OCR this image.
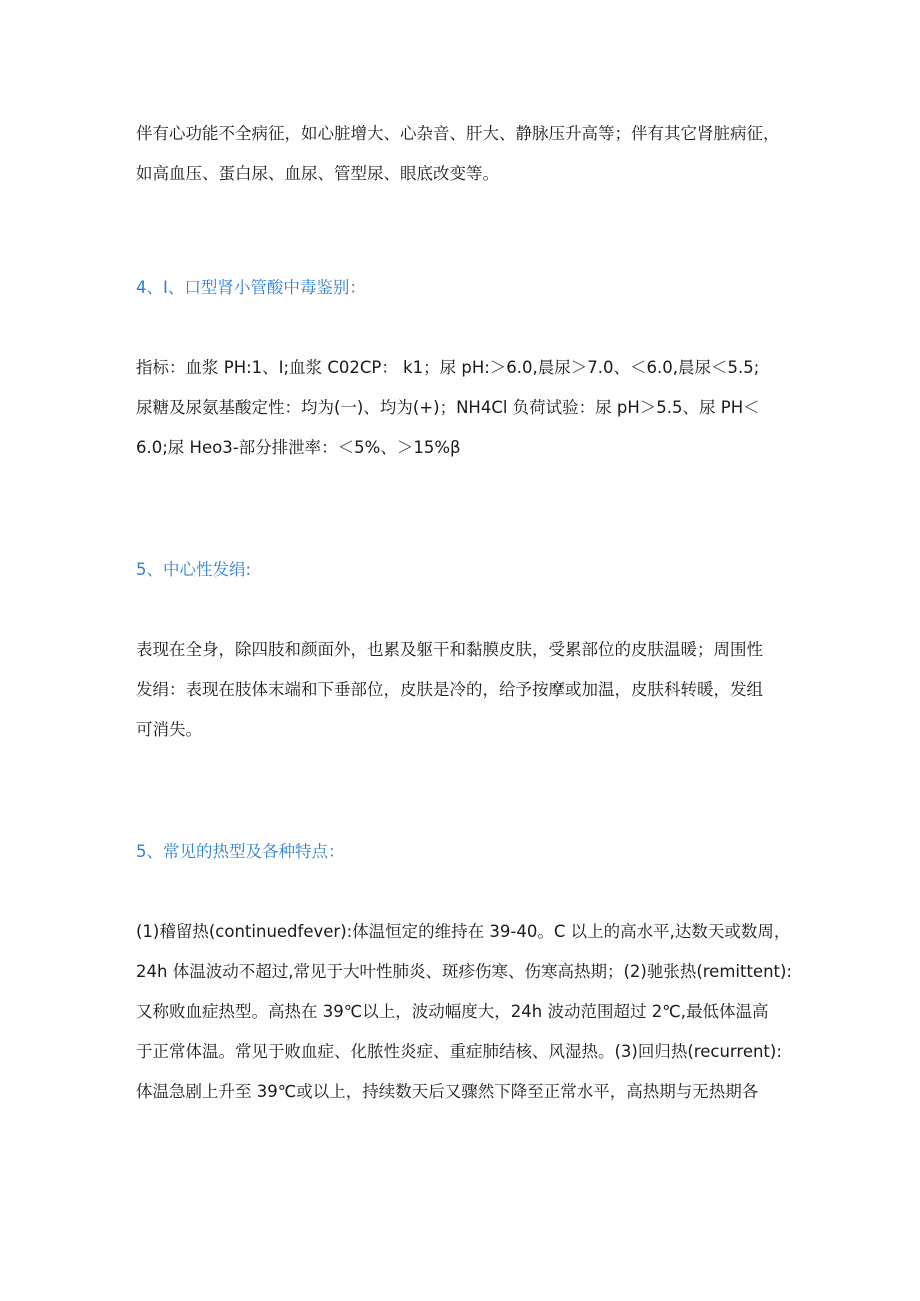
伴有心功能不全病征，如心脏增大、心杂音、肝大、静脉压升高等；伴有其它肾脏病征，
如高血压、蛋白尿、血尿、管型尿、眼底改变等。

4、I、口型肾小管酸中毒鉴别：

指标：血浆 PH:1、I;血浆 C02CP： k1；尿 pH:＞6.0,晨尿＞7.0、＜6.0,晨尿＜5.5;
尿糖及尿氨基酸定性：均为(一)、均为(+)；NH4Cl 负荷试验：尿 pH＞5.5、尿 PH＜
6.0;尿 Heo3-部分排泄率：＜5%、＞15%β

5、中心性发绢:

表现在全身，除四肢和颜面外，也累及躯干和黏膜皮肤，受累部位的皮肤温暖；周围性
发绢：表现在肢体末端和下垂部位，皮肤是冷的，给予按摩或加温，皮肤科转暖，发组
可消失。

5、常见的热型及各种特点：

(1)稽留热(continuedfever):体温恒定的维持在 39-40。C 以上的高水平,达数天或数周，
24h 体温波动不超过,常见于大叶性肺炎、斑疹伤寒、伤寒高热期；(2)驰张热(remittent):
又称败血症热型。高热在 39℃以上，波动幅度大，24h 波动范围超过 2℃,最低体温高
于正常体温。常见于败血症、化脓性炎症、重症肺结核、风湿热。(3)回归热(recurrent):
体温急剧上升至 39℃或以上，持续数天后又骤然下降至正常水平，高热期与无热期各
